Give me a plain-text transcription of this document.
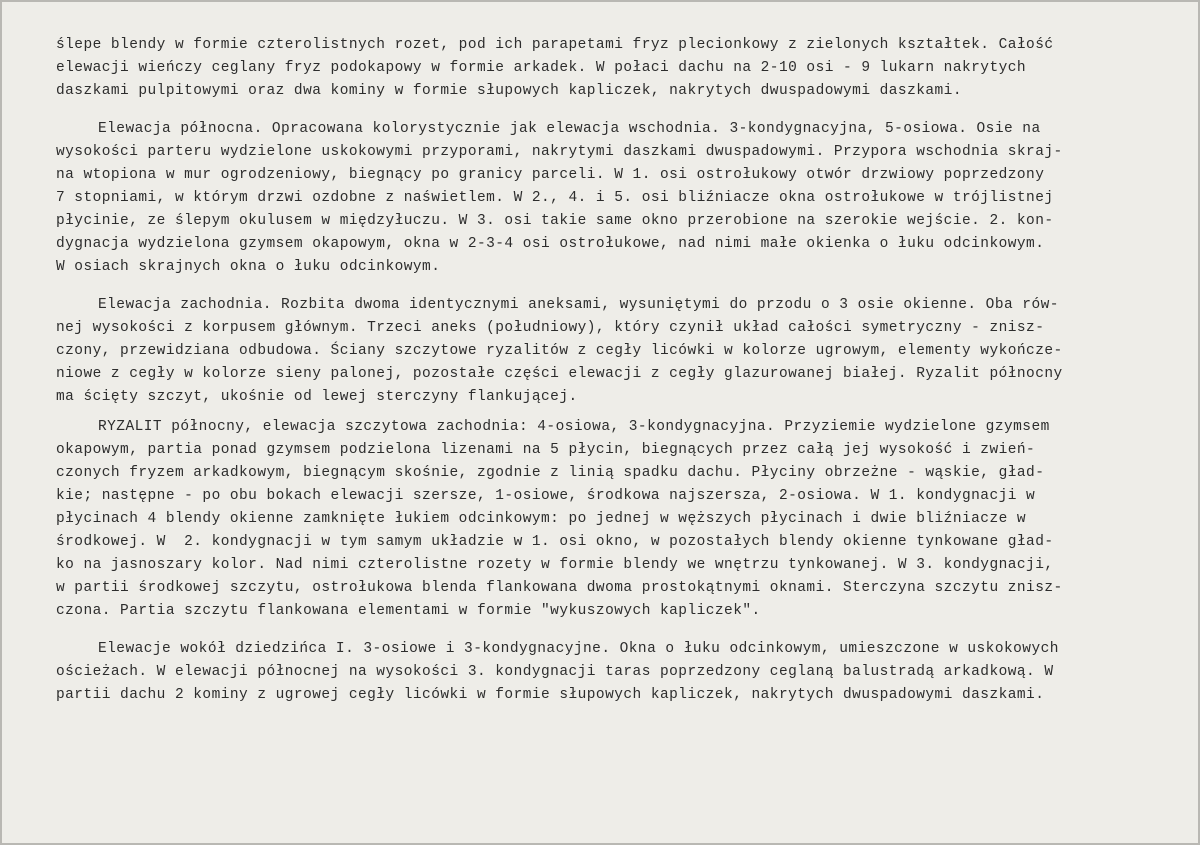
ślepe blendy w formie czterolistnych rozet, pod ich parapetami fryz plecionkowy z zielonych kształtek. Całość
elewacji wieńczy ceglany fryz podokapowy w formie arkadek. W połaci dachu na 2-10 osi - 9 lukarn nakrytych
daszkami pulpitowymi oraz dwa kominy w formie słupowych kapliczek, nakrytych dwuspadowymi daszkami.
Elewacja północna. Opracowana kolorystycznie jak elewacja wschodnia. 3-kondygnacyjna, 5-osiowa. Osie na
wysokości parteru wydzielone uskokowymi przyporami, nakrytymi daszkami dwuspadowymi. Przypora wschodnia skraj-
na wtopiona w mur ogrodzeniowy, biegnący po granicy parceli. W 1. osi ostrołukowy otwór drzwiowy poprzedzony
7 stopniami, w którym drzwi ozdobne z naświetlem. W 2., 4. i 5. osi bliźniacze okna ostrołukowe w trójlistnej
płycinie, ze ślepym okulusem w międzyłuczu. W 3. osi takie same okno przerobione na szerokie wejście. 2. kon-
dygnacja wydzielona gzymsem okapowym, okna w 2-3-4 osi ostrołukowe, nad nimi małe okienka o łuku odcinkowym.
W osiach skrajnych okna o łuku odcinkowym.
Elewacja zachodnia. Rozbita dwoma identycznymi aneksami, wysuniętymi do przodu o 3 osie okienne. Oba rów-
nej wysokości z korpusem głównym. Trzeci aneks (południowy), który czynił układ całości symetryczny - znisz-
czony, przewidziana odbudowa. Ściany szczytowe ryzalitów z cegły licówki w kolorze ugrowym, elementy wykończe-
niowe z cegły w kolorze sieny palonej, pozostałe części elewacji z cegły glazurowanej białej. Ryzalit północny
ma ścięty szczyt, ukośnie od lewej sterczyny flankującej.
RYZALIT północny, elewacja szczytowa zachodnia: 4-osiowa, 3-kondygnacyjna. Przyziemie wydzielone gzymsem
okapowym, partia ponad gzymsem podzielona lizenami na 5 płycin, biegnących przez całą jej wysokość i zwień-
czonych fryzem arkadkowym, biegnącym skośnie, zgodnie z linią spadku dachu. Płyciny obrzeżne - wąskie, gład-
kie; następne - po obu bokach elewacji szersze, 1-osiowe, środkowa najszersza, 2-osiowa. W 1. kondygnacji w
płycinach 4 blendy okienne zamknięte łukiem odcinkowym: po jednej w węższych płycinach i dwie bliźniacze w
środkowej. W  2. kondygnacji w tym samym układzie w 1. osi okno, w pozostałych blendy okienne tynkowane gład-
ko na jasnoszary kolor. Nad nimi czterolistne rozety w formie blendy we wnętrzu tynkowanej. W 3. kondygnacji,
w partii środkowej szczytu, ostrołukowa blenda flankowana dwoma prostokątnymi oknami. Sterczyna szczytu znisz-
czona. Partia szczytu flankowana elementami w formie "wykuszowych kapliczek".
Elewacje wokół dziedzińca I. 3-osiowe i 3-kondygnacyjne. Okna o łuku odcinkowym, umieszczone w uskokowych
ościeżach. W elewacji północnej na wysokości 3. kondygnacji taras poprzedzony ceglaną balustradą arkadkową. W
partii dachu 2 kominy z ugrowej cegły licówki w formie słupowych kapliczek, nakrytych dwuspadowymi daszkami.
